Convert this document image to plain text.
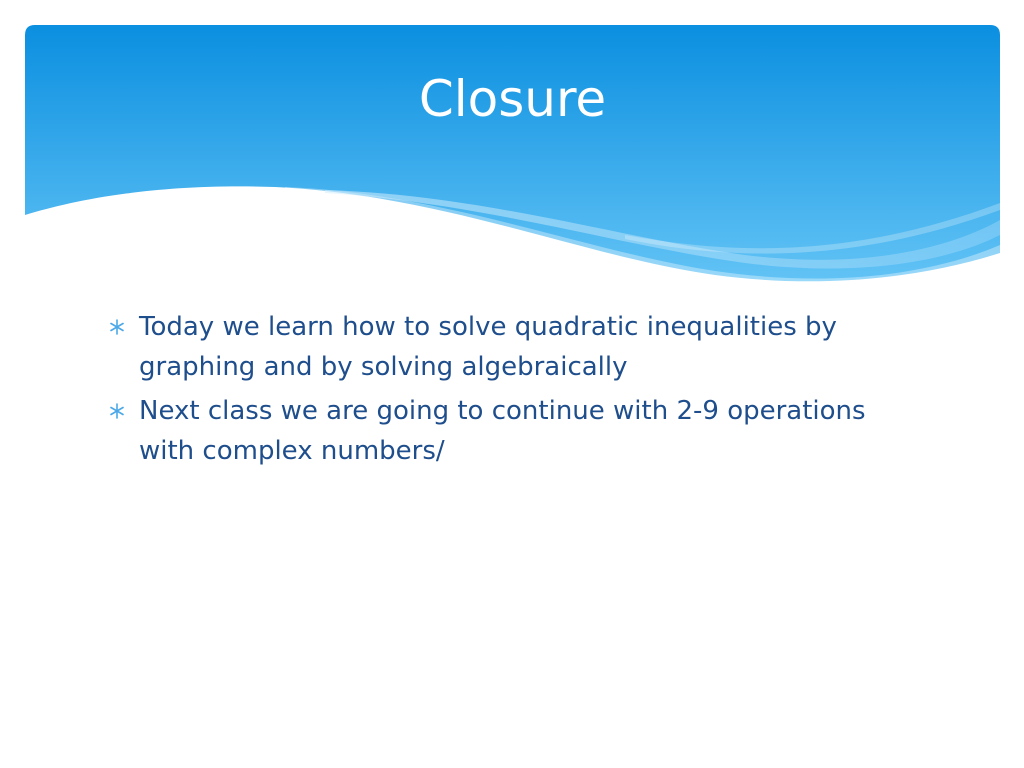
Closure
Today we learn how to solve quadratic inequalities by graphing and by solving algebraically
Next class we are going to continue with 2-9 operations with complex numbers/
